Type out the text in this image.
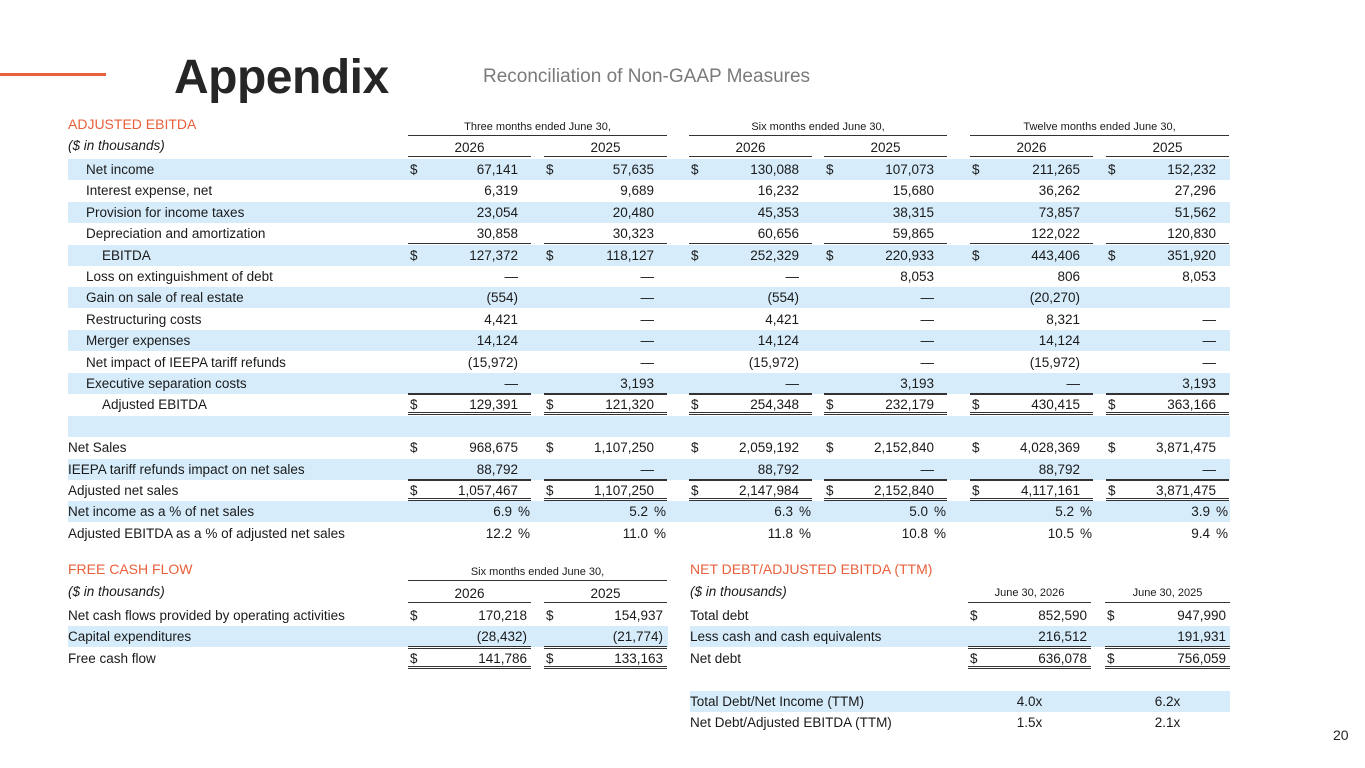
Appendix	Reconciliation of Non-GAAP Measures
20
ADJUSTED EBITDA	Three months ended June 30,	Six months ended June 30,	Twelve months ended June 30,
($ in thousands)	2026	2025	2026	2025	2026	2025
Net income	$	67,141 $	57,635	$	130,088 $	107,073	$	211,265 $	152,232
Interest expense, net	6,319	9,689	16,232	15,680	36,262	27,296
Provision for income taxes	23,054	20,480	45,353	38,315	73,857	51,562
Depreciation and amortization	30,858	30,323	60,656	59,865	122,022	120,830
EBITDA	$	127,372 $	118,127	$	252,329 $	220,933	$	443,406 $	351,920
Loss on extinguishment of debt	—	—	—	8,053	806	8,053
Gain on sale of real estate	(554)	—	(554)	—	(20,270)
Restructuring costs	4,421	—	4,421	—	8,321	—
Merger expenses	14,124	—	14,124	—	14,124	—
Net impact of IEEPA tariff refunds	(15,972)	—	(15,972)	—	(15,972)	—
Executive separation costs	—	3,193	—	3,193	—	3,193
Adjusted EBITDA	$	129,391 $	121,320	$	254,348 $	232,179	$	430,415 $	363,166
Net Sales	$	968,675 $	1,107,250	$	2,059,192 $	2,152,840	$	4,028,369 $	3,871,475
IEEPA tariff refunds impact on net sales	88,792	—	88,792	—	88,792	—
Adjusted net sales	$	1,057,467 $	1,107,250	$	2,147,984 $	2,152,840	$	4,117,161 $	3,871,475
Net income as a % of net sales	6.9 %	5.2 %	6.3 %	5.0 %	5.2 %	3.9 %
Adjusted EBITDA as a % of adjusted net sales	12.2 %	11.0 %	11.8 %	10.8 %	10.5 %	9.4 %
FREE CASH FLOW	Six months ended June 30,
($ in thousands)	2026	2025
Net cash flows provided by operating activities	$	170,218 $	154,937
Capital expenditures	(28,432)	(21,774)
Free cash flow	$	141,786 $	133,163
NET DEBT/ADJUSTED EBITDA (TTM)
($ in thousands)	June 30, 2026	June 30, 2025
Total debt	$	852,590 $	947,990
Less cash and cash equivalents	216,512	191,931
Net debt	$	636,078 $	756,059
Total Debt/Net Income (TTM)	4.0x	6.2x
Net Debt/Adjusted EBITDA (TTM)	1.5x	2.1x
